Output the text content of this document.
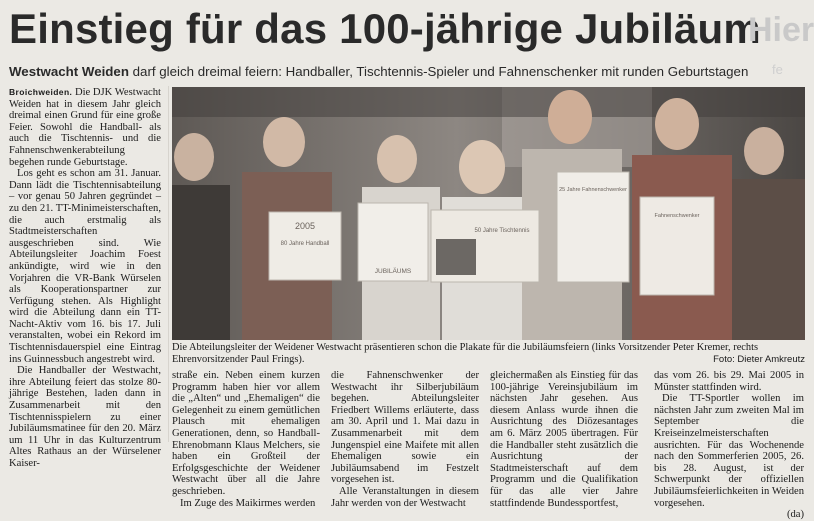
Einstieg für das 100-jährige Jubiläum
Hier
fe
Westwacht Weiden darf gleich dreimal feiern: Handballer, Tischtennis-Spieler und Fahnenschenker mit runden Geburtstagen

Broichweiden. Die DJK Westwacht Weiden hat in diesem Jahr gleich dreimal einen Grund für eine große Feier. Sowohl die Handball- als auch die Tischtennis- und die Fahnenschwenkerabteilung begehen runde Geburtstage.

Los geht es schon am 31. Januar. Dann lädt die Tischtennisabteilung – vor genau 50 Jahren gegründet – zu den 21. TT-Minimeisterschaften, die auch erstmalig als Stadtmeisterschaften ausgeschrieben sind. Wie Abteilungsleiter Joachim Foest ankündigte, wird wie in den Vorjahren die VR-Bank Würselen als Kooperationspartner zur Verfügung stehen. Als Highlight wird die Abteilung dann ein TT-Nacht-Aktiv vom 16. bis 17. Juli veranstalten, wobei ein Rekord im Tischtennisdauerspiel eine Eintrag ins Guinnessbuch angestrebt wird.

Die Handballer der Westwacht, ihre Abteilung feiert das stolze 80-jährige Bestehen, laden dann in Zusammenarbeit mit den Tischtennisspielern zu einer Jubiläumsmatinee für den 20. März um 11 Uhr in das Kulturzentrum Altes Rathaus an der Würselener Kaiser-

2005
80 Jahre Handball
JUBILÄUMS
50 Jahre Tischtennis
25 Jahre Fahnenschwenker
Fahnenschwenker
Die Abteilungsleiter der Weidener Westwacht präsentieren schon die Plakate für die Jubiläumsfeiern (links Vorsitzender Peter Kremer, rechts Ehrenvorsitzender Paul Frings).	Foto: Dieter Amkreutz

straße ein. Neben einem kurzen Programm haben hier vor allem die „Alten“ und „Ehemaligen“ die Gelegenheit zu einem gemütlichen Plausch mit ehemaligen Generationen, denn, so Handball-Ehrenobmann Klaus Melchers, sie haben ein Großteil der Erfolgsgeschichte der Weidener Westwacht über all die Jahre geschrieben.

Im Zuge des Maikirmes werden

die Fahnenschwenker der Westwacht ihr Silberjubiläum begehen. Abteilungsleiter Friedbert Willems erläuterte, dass am 30. April und 1. Mai dazu in Zusammenarbeit mit dem Jungenspiel eine Maifete mit allen Ehemaligen sowie ein Jubiläumsabend im Festzelt vorgesehen ist.

Alle Veranstaltungen in diesem Jahr werden von der Westwacht

gleichermaßen als Einstieg für das 100-jährige Vereinsjubiläum im nächsten Jahr gesehen. Aus diesem Anlass wurde ihnen die Ausrichtung des Diözesantages am 6. März 2005 übertragen. Für die Handballer steht zusätzlich die Ausrichtung der Stadtmeisterschaft auf dem Programm und die Qualifikation für das alle vier Jahre stattfindende Bundessportfest,

das vom 26. bis 29. Mai 2005 in Münster stattfinden wird.

Die TT-Sportler wollen im nächsten Jahr zum zweiten Mal im September die Kreiseinzelmeisterschaften ausrichten. Für das Wochenende nach den Sommerferien 2005, 26. bis 28. August, ist der Schwerpunkt der offiziellen Jubiläumsfeierlichkeiten in Weiden vorgesehen.

(da)
